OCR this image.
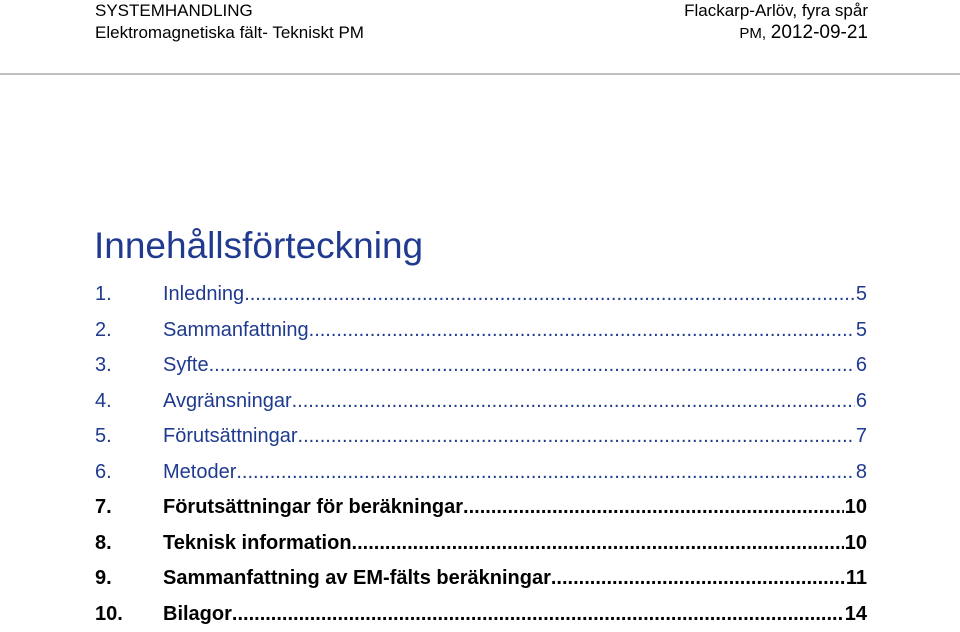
SYSTEMHANDLING
Elektromagnetiska fält- Tekniskt PM
Flackarp-Arlöv, fyra spår
PM, 2012-09-21
Innehållsförteckning
1.	Inledning .....	5
2.	Sammanfattning .....	5
3.	Syfte .....	6
4.	Avgränsningar .....	6
5.	Förutsättningar .....	7
6.	Metoder .....	8
7.	Förutsättningar för beräkningar .....	10
8.	Teknisk information .....	10
9.	Sammanfattning av EM-fälts beräkningar .....	11
10.	Bilagor .....	14
